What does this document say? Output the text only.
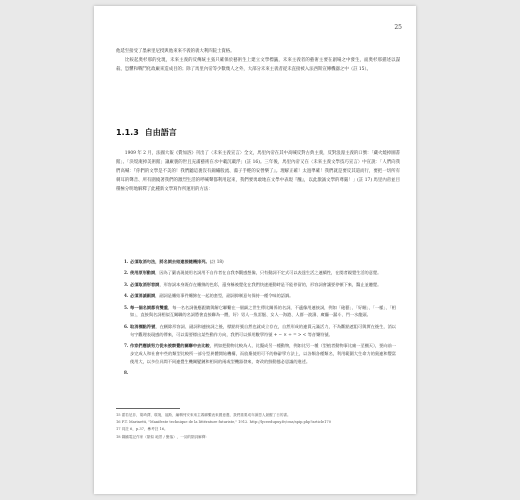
25
他延至接受了墨索里尼授與他來來不義的義大利四院士資格。
　　比較起奧杉那的兌現，未來主義的反傳統主張只確保於藝術生上建立文學標籤，未來主義者的藝術主要在創場之中發生，面奧杉那描述以謀殺、恐懼和戰鬥化政廠來造成目的；除了馬里內帝等少數幾人之外，大部分未來主義者從未直接被入法西斯宣傳機器之中（註 15）。
1.1.3 自由語言
　　1909 年 2 月，法國大報《費加洛》刊出了〈未來主義宣言〉全文，馬里內帝在其中高喊反對古典主義，反對浪漫主義的口號：「藏火燒掉圖書館」、「決堤淹掉美術館」讓廠裏的世且充滿藝術在水中載沉載浮」(註 16)。三年後，馬里內帝又在〈未來主義文學技巧宣言〉中宣說：「人們向我們高喊：『你們的文學是不美的！我們聽這裏沒有錦繡般流、蕩子手輕的安營樂了』。理解正確！太過準確！我們就是要反其道而行，要把一切所有刺耳的聲音、所有圍繞著我們的激烈生活的呼喊聲都利用起來，我們要勇敢地在文學中表現『醜』，以此激誠文學的尊嚴！」(註 17) 馬里內帝並目積極分明地解釋了此種新文學寫作所運用的方法：
1. 必須取消句法，將名詞去結連接隨機排列。(註 18)
2. 使用原形動詞，因為了嚴表現使用名詞用不自作者在自我李觀感想像，只有動詞不定式可以表達生活之連續性，在閱者親覺生活的意覺。
3. 必須取消形容詞，形容詞本身既存在纏綿的色彩，還身稱被覺化在我們快速運動時是不能停留的，形容詞會讓要停頓下來，醫止並聽覺。
4. 必須消滅副詞，副詞是纏結事件纏綿在一起的套型，副詞抑制意句保持一種令味的語調。
5. 每一個名詞都有雙重，每一名名詞後應跟隨與解它聯繫在一個細之世生傳比關係的名詞，不適像用連接詞，例如「砲藝」、「好睏」、「一樣」、「相如」，直接與名詞相似互關聯的名詞將會直接聯為一體，好）男人一魚雷艇、女人一海港、人群一波濤、廣廳一漏斗、門一水龍頭。
6. 取消標點符號，在刪除形容詞、副詞和連接詞之後，標點符號自然也就成立存在，自然形成的連貫元滿活力，不為斷點遮阻可與實在後生，消以句字觀理表現感的傳來，可以需要標出某些動作方向，我們可以採用數學符號 + − × ÷ = > < 等音樂符號。
7. 作家們應該努力從未被察覺的關聯中去比較，例如把動物比較為人、比擬成另一種動物，例如比另一種（型植者動物事比廁一至棚天），要向前一步完成人和社會中些的類型比較所一部分型異體開始機構，而放棄使用可不的修辭學方法上，以各類各種類名，利用範圍大生命力的奧連和豐富使用大，以多位具間不同連覺生機關變鏈和相同的兩或型機器發來，寄改的鮮動態必思議的進述。
8.
15 霍若尼非，胡琦譯，環境，福斯，編輯列安來來主義聯繫表來國意選，我們重要成年讀思人最醒了日的書。
16 F.T. Marinetti, "Manifeste technique de la littérature futuriste," 1912. http://lyceedupuy.fr/cms/spip.php?article170
17 同註 6，p.37，參考註 16。
18 鋼鐵電記作家（類似 地景 / 聚落），一詞的類詞解釋：
